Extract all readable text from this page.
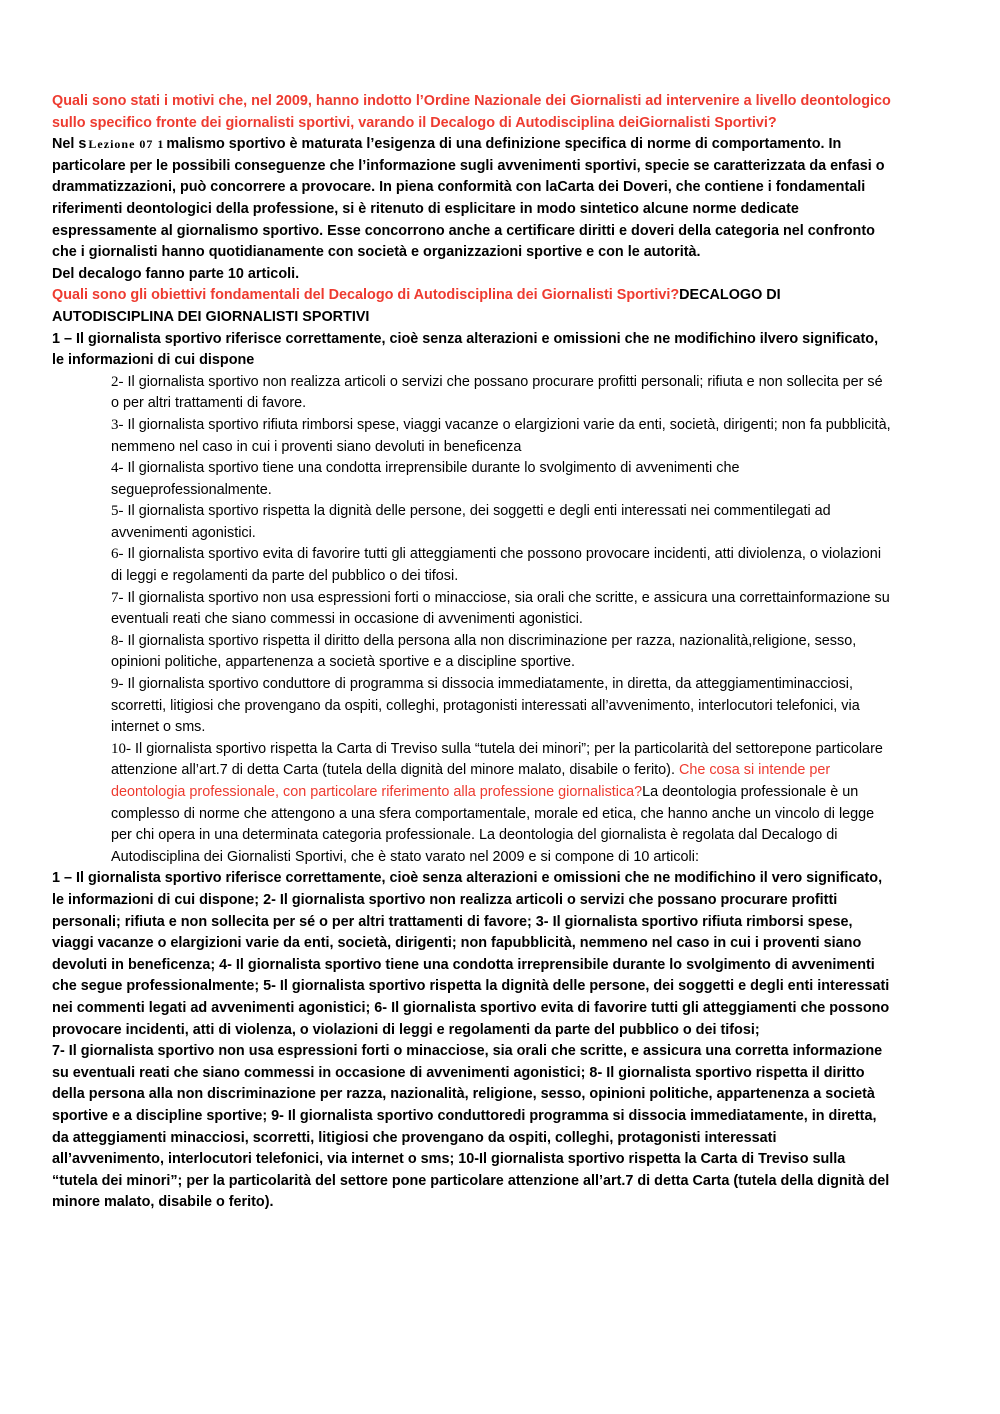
Quali sono stati i motivi che, nel 2009, hanno indotto l’Ordine Nazionale dei Giornalisti ad intervenire a livello deontologico sullo specifico fronte dei giornalisti sportivi, varando il Decalogo di Autodisciplina deiGiornalisti Sportivi?

Nel s Lezione 07 1 malismo sportivo è maturata l’esigenza di una definizione specifica di norme di comportamento. In particolare per le possibili conseguenze che l’informazione sugli avvenimenti sportivi, specie se caratterizzata da enfasi o drammatizzazioni, può concorrere a provocare. In piena conformità con laCarta dei Doveri, che contiene i fondamentali riferimenti deontologici della professione, si è ritenuto di esplicitare in modo sintetico alcune norme dedicate espressamente al giornalismo sportivo. Esse concorrono anche a certificare diritti e doveri della categoria nel confronto che i giornalisti hanno quotidianamente con società e organizzazioni sportive e con le autorità.

Del decalogo fanno parte 10 articoli.

Quali sono gli obiettivi fondamentali del Decalogo di Autodisciplina dei Giornalisti Sportivi?DECALOGO DI AUTODISCIPLINA DEI GIORNALISTI SPORTIVI

1 – Il giornalista sportivo riferisce correttamente, cioè senza alterazioni e omissioni che ne modifichino ilvero significato, le informazioni di cui dispone

2- Il giornalista sportivo non realizza articoli o servizi che possano procurare profitti personali; rifiuta e non sollecita per sé o per altri trattamenti di favore.

3- Il giornalista sportivo rifiuta rimborsi spese, viaggi vacanze o elargizioni varie da enti, società, dirigenti; non fa pubblicità, nemmeno nel caso in cui i proventi siano devoluti in beneficenza

4- Il giornalista sportivo tiene una condotta irreprensibile durante lo svolgimento di avvenimenti che segueprofessionalmente.

5- Il giornalista sportivo rispetta la dignità delle persone, dei soggetti e degli enti interessati nei commentilegati ad avvenimenti agonistici.

6- Il giornalista sportivo evita di favorire tutti gli atteggiamenti che possono provocare incidenti, atti diviolenza, o violazioni di leggi e regolamenti da parte del pubblico o dei tifosi.

7- Il giornalista sportivo non usa espressioni forti o minacciose, sia orali che scritte, e assicura una correttainformazione su eventuali reati che siano commessi in occasione di avvenimenti agonistici.

8- Il giornalista sportivo rispetta il diritto della persona alla non discriminazione per razza, nazionalità,religione, sesso, opinioni politiche, appartenenza a società sportive e a discipline sportive.

9- Il giornalista sportivo conduttore di programma si dissocia immediatamente, in diretta, da atteggiamentiminacciosi, scorretti, litigiosi che provengano da ospiti, colleghi, protagonisti interessati all’avvenimento, interlocutori telefonici, via internet o sms.

10- Il giornalista sportivo rispetta la Carta di Treviso sulla “tutela dei minori”; per la particolarità del settorepone particolare attenzione all’art.7 di detta Carta (tutela della dignità del minore malato, disabile o ferito). Che cosa si intende per deontologia professionale, con particolare riferimento alla professione giornalistica?La deontologia professionale è un complesso di norme che attengono a una sfera comportamentale, morale ed etica, che hanno anche un vincolo di legge per chi opera in una determinata categoria professionale. La deontologia del giornalista è regolata dal Decalogo di Autodisciplina dei Giornalisti Sportivi, che è stato varato nel 2009 e si compone di 10 articoli:

1 – Il giornalista sportivo riferisce correttamente, cioè senza alterazioni e omissioni che ne modifichino il vero significato, le informazioni di cui dispone; 2- Il giornalista sportivo non realizza articoli o servizi che possano procurare profitti personali; rifiuta e non sollecita per sé o per altri trattamenti di favore; 3- Il giornalista sportivo rifiuta rimborsi spese, viaggi vacanze o elargizioni varie da enti, società, dirigenti; non fapubblicità, nemmeno nel caso in cui i proventi siano devoluti in beneficenza; 4- Il giornalista sportivo tiene una condotta irreprensibile durante lo svolgimento di avvenimenti che segue professionalmente; 5- Il giornalista sportivo rispetta la dignità delle persone, dei soggetti e degli enti interessati nei commenti legati ad avvenimenti agonistici; 6- Il giornalista sportivo evita di favorire tutti gli atteggiamenti che possono provocare incidenti, atti di violenza, o violazioni di leggi e regolamenti da parte del pubblico o dei tifosi;

7- Il giornalista sportivo non usa espressioni forti o minacciose, sia orali che scritte, e assicura una corretta informazione su eventuali reati che siano commessi in occasione di avvenimenti agonistici; 8- Il giornalista sportivo rispetta il diritto della persona alla non discriminazione per razza, nazionalità, religione, sesso, opinioni politiche, appartenenza a società sportive e a discipline sportive; 9- Il giornalista sportivo conduttoredi programma si dissocia immediatamente, in diretta, da atteggiamenti minacciosi, scorretti, litigiosi che provengano da ospiti, colleghi, protagonisti interessati all’avvenimento, interlocutori telefonici, via internet o sms; 10-Il giornalista sportivo rispetta la Carta di Treviso sulla “tutela dei minori”; per la particolarità del settore pone particolare attenzione all’art.7 di detta Carta (tutela della dignità del minore malato, disabile o ferito).
